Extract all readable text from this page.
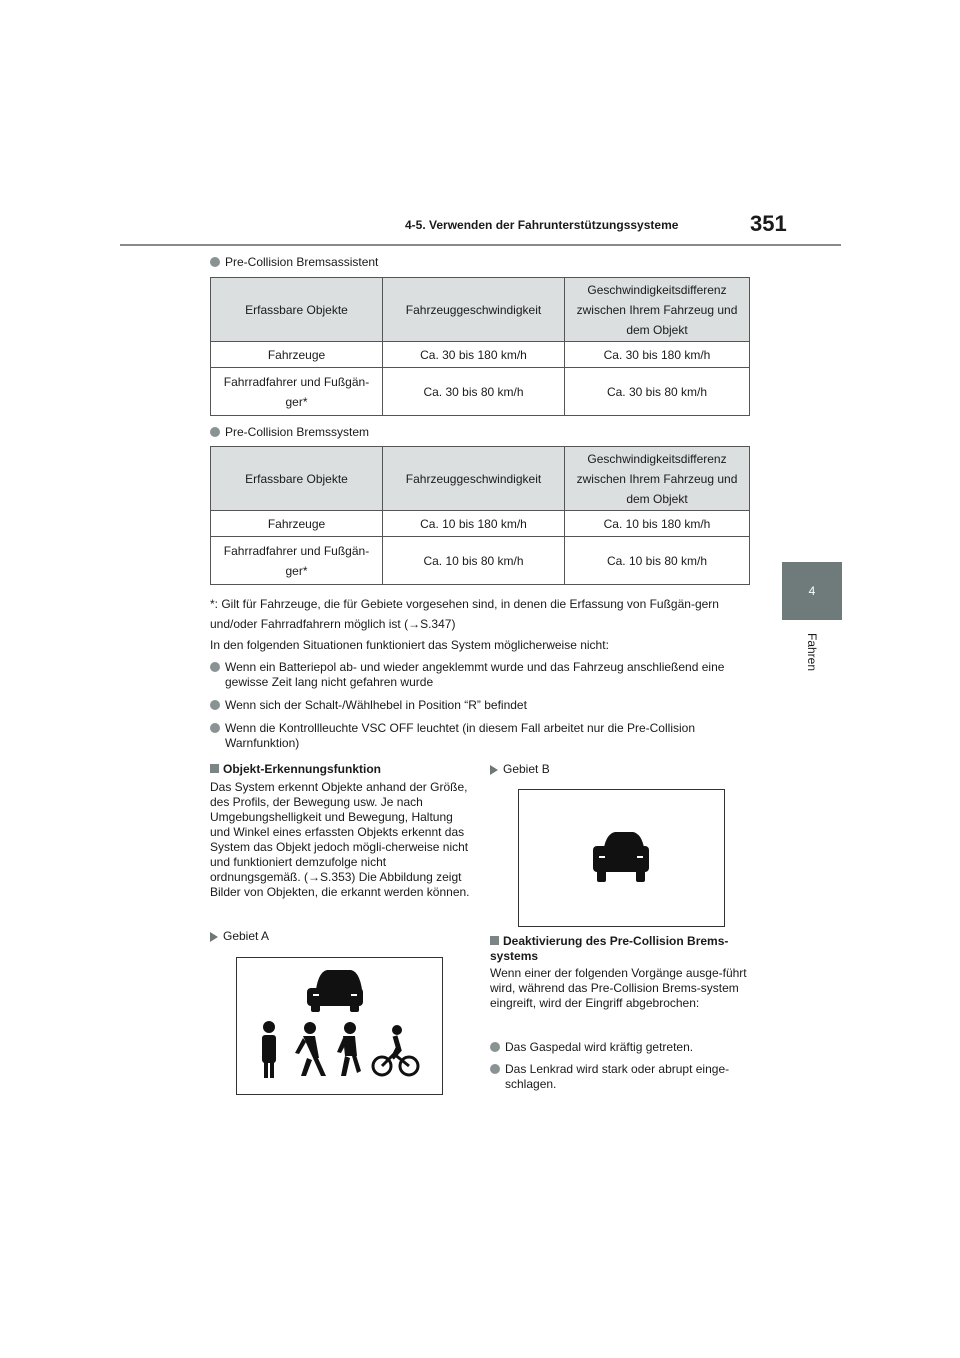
4-5. Verwenden der Fahrunterstützungssysteme	351
4
Fahren
Pre-Collision Bremsassistent
Erfassbare Objekte	Fahrzeuggeschwindigkeit	Geschwindigkeitsdifferenz zwischen Ihrem Fahrzeug und dem Objekt
Fahrzeuge	Ca. 30 bis 180 km/h	Ca. 30 bis 180 km/h
Fahrradfahrer und Fußgän-ger*	Ca. 30 bis 80 km/h	Ca. 30 bis 80 km/h
Pre-Collision Bremssystem
Erfassbare Objekte	Fahrzeuggeschwindigkeit	Geschwindigkeitsdifferenz zwischen Ihrem Fahrzeug und dem Objekt
Fahrzeuge	Ca. 10 bis 180 km/h	Ca. 10 bis 180 km/h
Fahrradfahrer und Fußgän-ger*	Ca. 10 bis 80 km/h	Ca. 10 bis 80 km/h
*: Gilt für Fahrzeuge, die für Gebiete vorgesehen sind, in denen die Erfassung von Fußgän-gern und/oder Fahrradfahrern möglich ist (→S.347)
In den folgenden Situationen funktioniert das System möglicherweise nicht:
Wenn ein Batteriepol ab- und wieder angeklemmt wurde und das Fahrzeug anschließend eine gewisse Zeit lang nicht gefahren wurde
Wenn sich der Schalt-/Wählhebel in Position “R” befindet
Wenn die Kontrollleuchte VSC OFF leuchtet (in diesem Fall arbeitet nur die Pre-Collision Warnfunktion)
Objekt-Erkennungsfunktion
Das System erkennt Objekte anhand der Größe, des Profils, der Bewegung usw. Je nach Umgebungshelligkeit und Bewegung, Haltung und Winkel eines erfassten Objekts erkennt das System das Objekt jedoch mögli-cherweise nicht und funktioniert demzufolge nicht ordnungsgemäß. (→S.353) Die Abbildung zeigt Bilder von Objekten, die erkannt werden können.
Gebiet A
Gebiet B
Deaktivierung des Pre-Collision Brems-systems
Wenn einer der folgenden Vorgänge ausge-führt wird, während das Pre-Collision Brems-system eingreift, wird der Eingriff abgebrochen:
Das Gaspedal wird kräftig getreten.
Das Lenkrad wird stark oder abrupt einge-schlagen.
